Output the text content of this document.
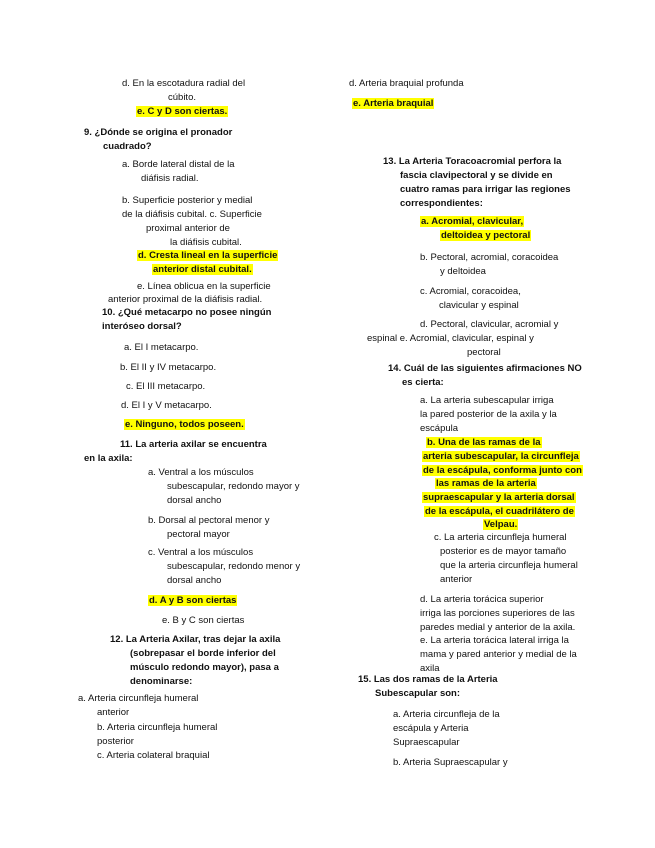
d. En la escotadura radial del
cúbito.
e. C y D son ciertas.
9. ¿Dónde se origina el pronador
cuadrado?
a. Borde lateral distal de la
diáfisis radial.
b. Superficie posterior y medial
de la diáfisis cubital. c. Superficie
proximal anterior de
la diáfisis cubital.
d. Cresta lineal en la superficie
anterior distal cubital.
e. Línea oblicua en la superficie
anterior proximal de la diáfisis radial.
10. ¿Qué metacarpo no posee ningún
interóseo dorsal?
a. El I metacarpo.
b. El II y IV metacarpo.
c. El III metacarpo.
d. El I y V metacarpo.
e. Ninguno, todos poseen.
11. La arteria axilar se encuentra
en la axila:
a. Ventral a los músculos
subescapular, redondo mayor y
dorsal ancho
b. Dorsal al pectoral menor y
pectoral mayor
c. Ventral a los músculos
subescapular, redondo menor y
dorsal ancho
d. A y B son ciertas
e. B y C son ciertas
12. La Arteria Axilar, tras dejar la axila
(sobrepasar el borde inferior del
músculo redondo mayor), pasa a
denominarse:
a. Arteria circunfleja humeral
anterior
b. Arteria circunfleja humeral
posterior
c. Arteria colateral braquial
d. Arteria braquial profunda
e. Arteria braquial
13. La Arteria Toracoacromial perfora la
fascia clavipectoral y se divide en
cuatro ramas para irrigar las regiones
correspondientes:
a. Acromial, clavicular,
deltoidea y pectoral
b. Pectoral, acromial, coracoidea
y deltoidea
c. Acromial, coracoidea,
clavicular y espinal
d. Pectoral, clavicular, acromial y
espinal e. Acromial, clavicular, espinal y
pectoral
14. Cuál de las siguientes afirmaciones NO
es cierta:
a. La arteria subescapular irriga
la pared posterior de la axila y la
escápula
b. Una de las ramas de la
arteria subescapular, la circunfleja
de la escápula, conforma junto con
las ramas de la arteria
supraescapular y la arteria dorsal
de la escápula, el cuadrilátero de
Velpau.
c. La arteria circunfleja humeral
posterior es de mayor tamaño
que la arteria circunfleja humeral
anterior
d. La arteria torácica superior
irriga las porciones superiores de las
paredes medial y anterior de la axila.
e. La arteria torácica lateral irriga la
mama y pared anterior y medial de la
axila
15. Las dos ramas de la Arteria
Subescapular son:
a. Arteria circunfleja de la
escápula y Arteria
Supraescapular
b. Arteria Supraescapular y
